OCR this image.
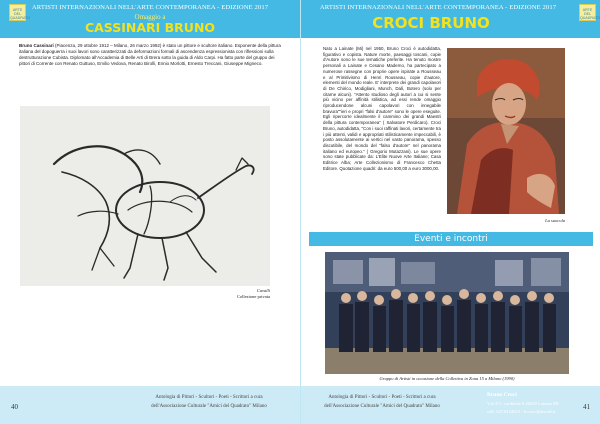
ARTE DEL QUADRATO
ARTISTI INTERNAZIONALI NELL'ARTE CONTEMPORANEA - EDIZIONE 2017
Omaggio a
CASSINARI BRUNO
Bruno Cassinari (Piacenza, 29 ottobre 1912 – Milano, 26 marzo 1992) è stato un pittore e scultore italiano. Esponente della pittura italiana del dopoguerra i suoi lavori sono caratterizzati da deformazioni formali di ascendenza espressionista con riflessioni sulla destrutturazione Cubista. Diplomato all'Accademia di Belle Arti di Brera sotto la guida di Aldo Carpi. Ha fatto parte del gruppo dei pittori di Corrente con Renato Guttuso, Emilio Vedova, Renato Birolli, Ennio Morlotti, Ernesto Treccani, Giuseppe Migneco.
Cavalli
Collezione privata
40
Antologia di Pittori - Scultori - Poeti - Scrittori a cura
dell'Associazione Culturale "Amici del Quadrato" Milano
ARTISTI INTERNAZIONALI NELL'ARTE CONTEMPORANEA - EDIZIONE 2017
CROCI BRUNO
ARTE DEL QUADRATO
Nato a Lainate (Mi) nel 1950, Bruno Croci è autodidatta, figurativo e copista. Nature morte, paesaggi toscani, copie d'Autore sono le sue tematiche preferite. Ha tenuto mostre personali a Lainate e Cesano Maderno, ha partecipato a numerose rassegne con proprie opere ispirate a Rousseau e al Primitivismo di Henri Rousseau, copie d'autore, elementi del mondo reale. E' interprete dei grandi capolavori di De Chirico, Modigliani, Munch, Dalì, Botero (solo per citarne alcuni). "Attento studioso degli autori a cui si sente più vicino per affinità stilistica, ad essi rende omaggio riproducendone alcuni capolavori con innegabile bravura""ieri e propri "falsi d'autore" sono le opere eseguite. Egli ripercorre idealmente il cammino dei grandi Maestri della pittura contemporanea" ( Salvatore Perdicaro). Croci Bruno, autodidatta, "Con i suoi raffinati lavori, certamente tra i più attenti, validi e appropriati stilisticamente impeccabili, è posto assolutamente ai vertici nel vasto panorama, spesso discutibile, del mondo del "falso d'autore" nel panorama italiano ed europeo." ( Gregorio Mutazzani). Le sue opere sono state pubblicate da: L'Elite Nuove Arte Italiane; Casa Editrice Alba; Arte Collezionismo di Francesco Chetta Editore. Quotazione quadri: da euro 500,00 a euro 3000,00.
La suocola
Eventi e incontri
Gruppo di Artisti in occasione della Collettiva in Zona 15 a Milano (1990)
Antologia di Pittori - Scultori - Poeti - Scrittori a cura
dell'Associazione Culturale "Amici del Quadrato" Milano
Bruno Croci
V.le F.C. cardinale 6 20020 Lainate MI
cell: 347.6152615 - b.croci@tiscali.it
41
